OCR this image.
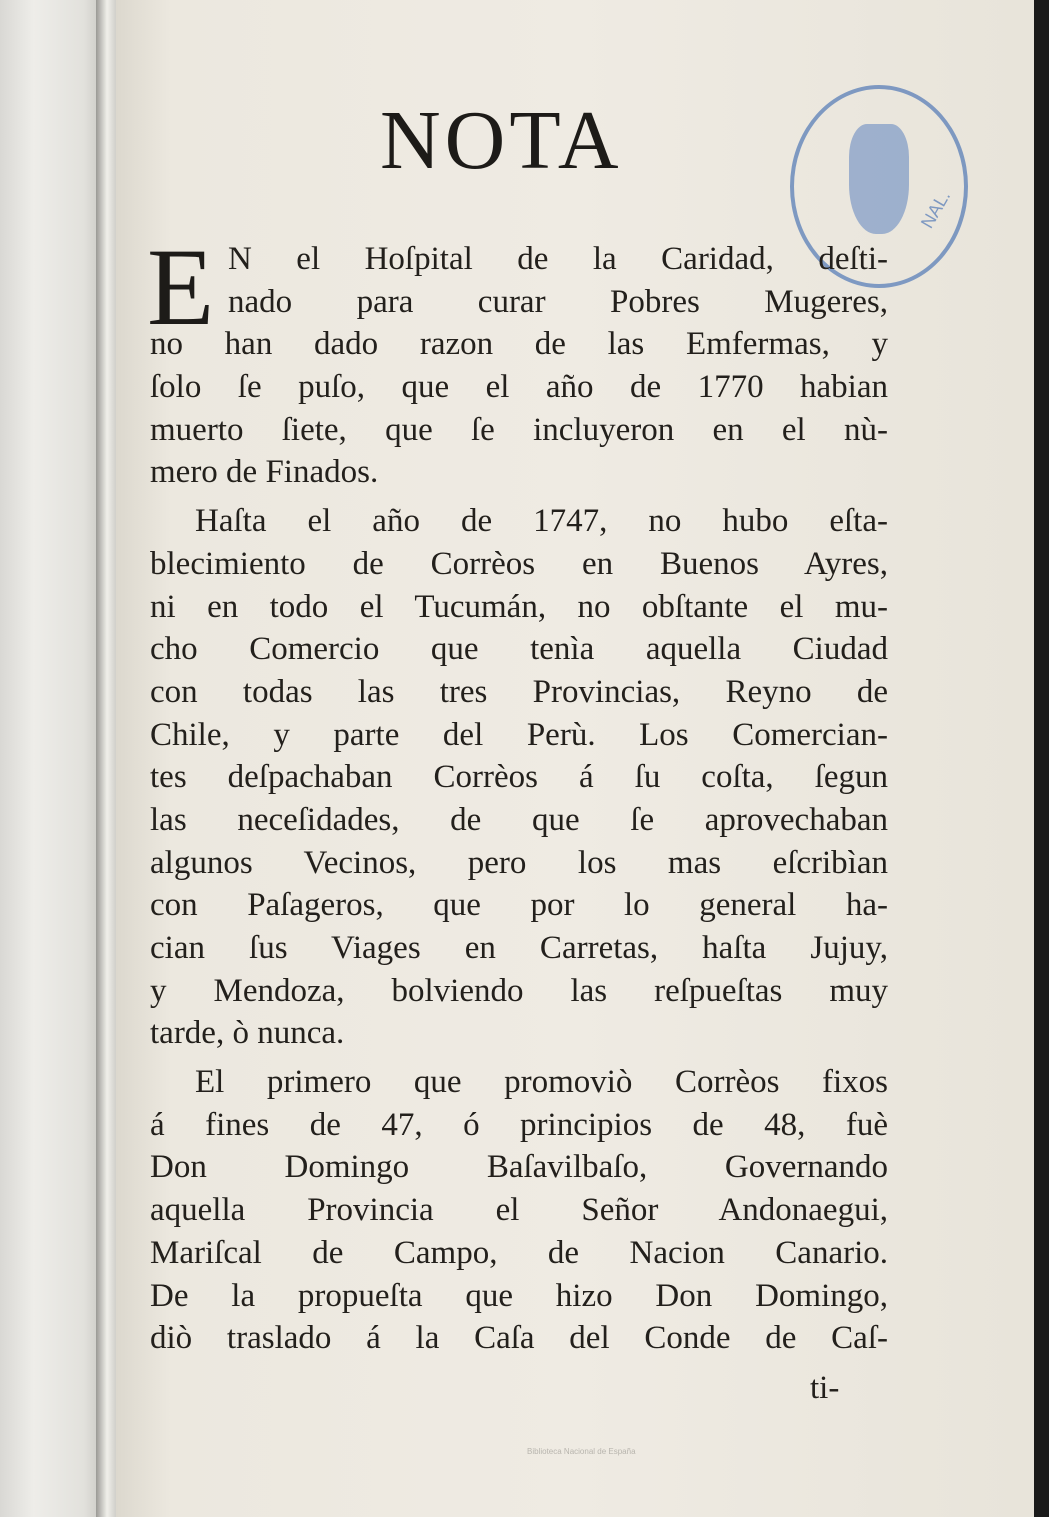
NOTA
NAL.
E N el Hoſpital de la Caridad, deſti-
nado para curar Pobres Mugeres,
no han dado razon de las Emfermas, y
ſolo ſe puſo, que el año de 1770 habian
muerto ſiete, que ſe incluyeron en el nù-
mero de Finados.
Haſta el año de 1747, no hubo eſta-
blecimiento de Corrèos en Buenos Ayres,
ni en todo el Tucumán, no obſtante el mu-
cho Comercio que tenìa aquella Ciudad
con todas las tres Provincias, Reyno de
Chile, y parte del Perù. Los Comercian-
tes deſpachaban Corrèos á ſu coſta, ſegun
las neceſidades, de que ſe aprovechaban
algunos Vecinos, pero los mas eſcribìan
con Paſageros, que por lo general ha-
cian ſus Viages en Carretas, haſta Jujuy,
y Mendoza, bolviendo las reſpueſtas muy
tarde, ò nunca.
El primero que promoviò Corrèos fixos
á fines de 47, ó principios de 48, fuè
Don Domingo Baſavilbaſo, Governando
aquella Provincia el Señor Andonaegui,
Mariſcal de Campo, de Nacion Canario.
De la propueſta que hizo Don Domingo,
diò traslado á la Caſa del Conde de Caſ-
ti-
Biblioteca Nacional de España
